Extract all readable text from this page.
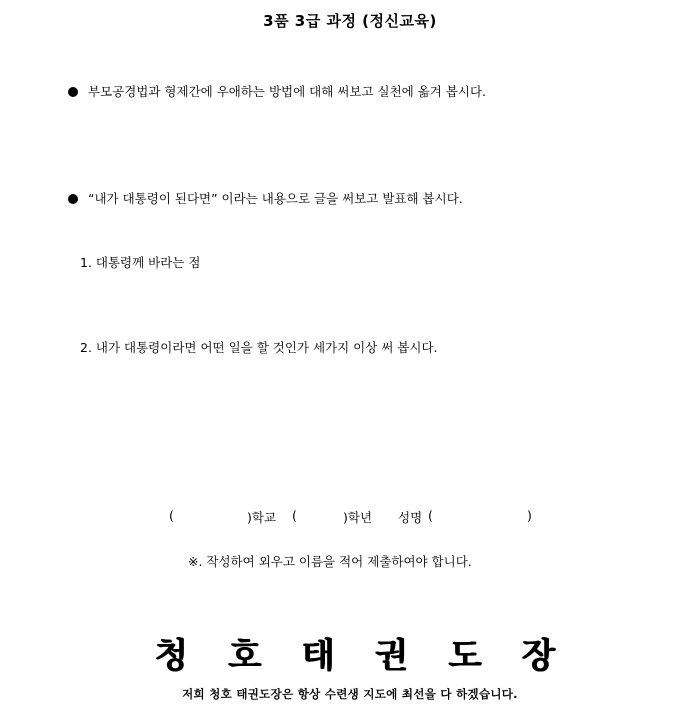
3품 3급 과정 (정신교육)
부모공경법과 형제간에 우애하는 방법에 대해 써보고 실천에 옮겨 봅시다.
“내가 대통령이 된다면” 이라는 내용으로 글을 써보고 발표해 봅시다.
1. 대통령께 바라는 점
2. 내가 대통령이라면 어떤 일을 할 것인가 세가지 이상 써 봅시다.

(

	)학교

(

	)학년

성명

(

	)

※. 작성하여 외우고 이름을 적어 제출하여야 합니다.
청 호 태 권 도 장
저희 청호 태권도장은 항상 수련생 지도에 최선을 다 하겠습니다.
